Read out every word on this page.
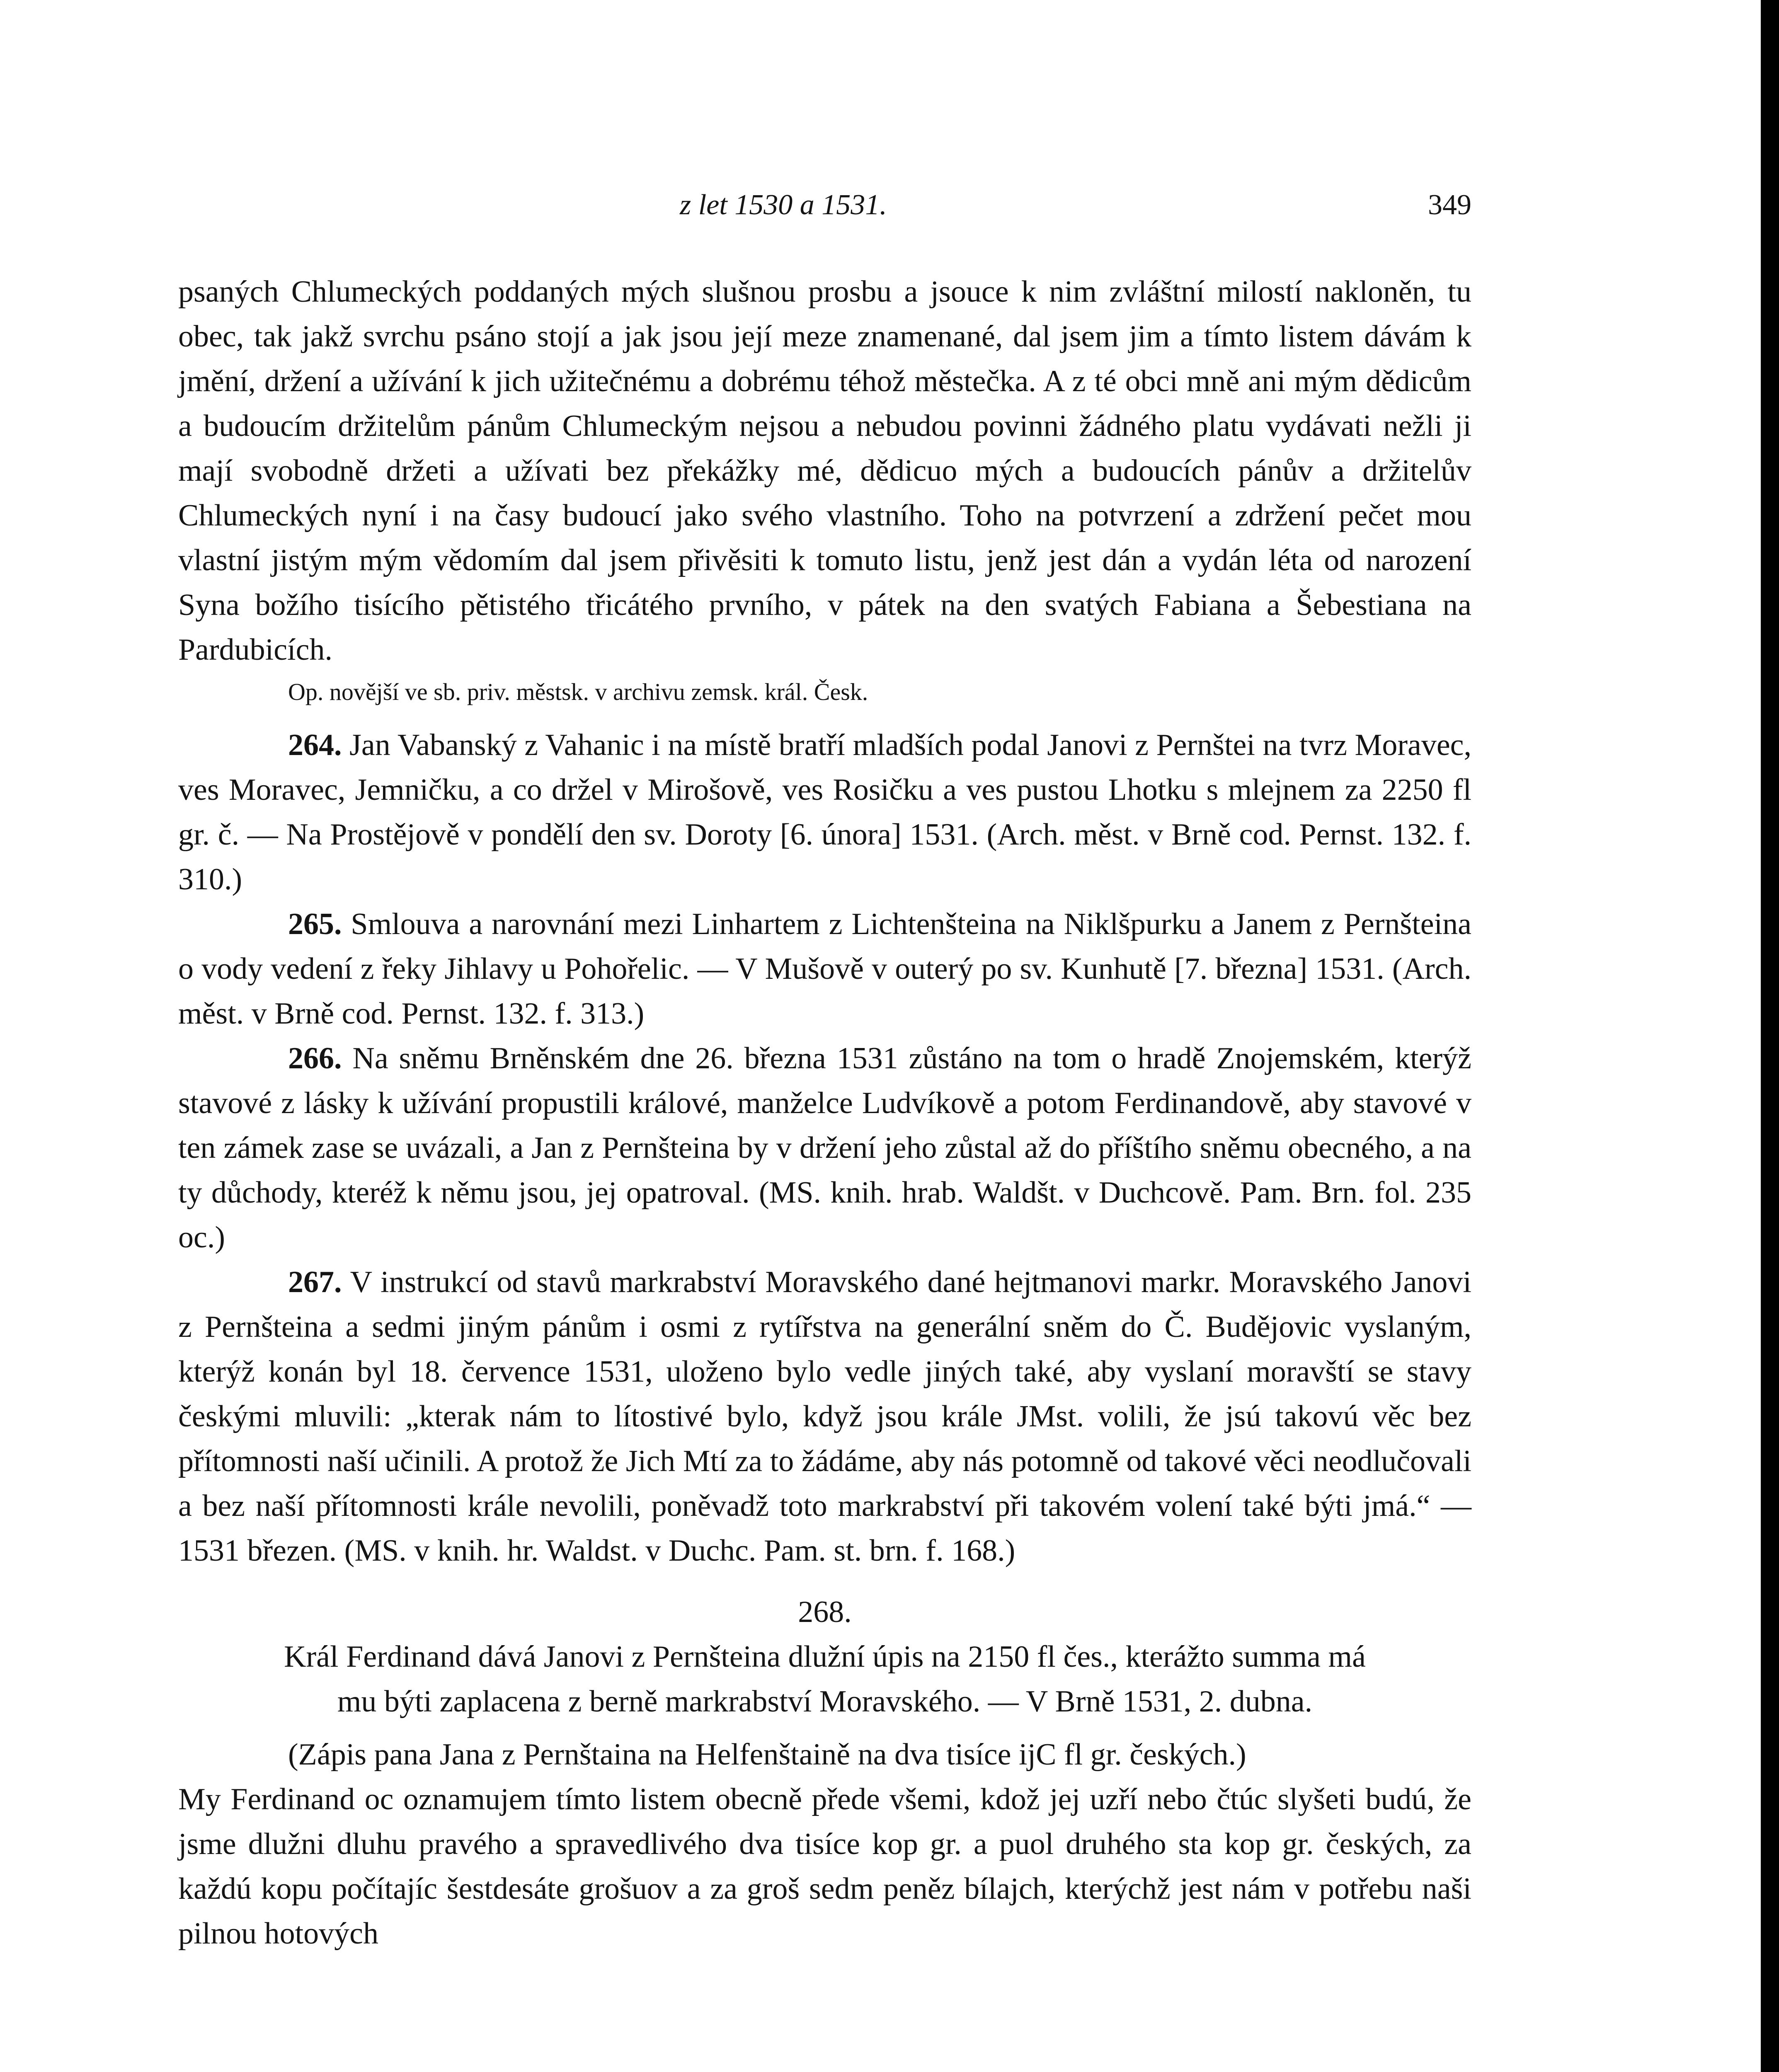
z let 1530 a 1531.	349

psaných Chlumeckých poddaných mých slušnou prosbu a jsouce k nim zvláštní milostí nakloněn, tu obec, tak jakž svrchu psáno stojí a jak jsou její meze znamenané, dal jsem jim a tímto listem dávám k jmění, držení a užívání k jich užitečnému a dobrému téhož městečka. A z té obci mně ani mým dědicům a budoucím držitelům pánům Chlumeckým nejsou a nebudou povinni žádného platu vydávati nežli ji mají svobodně držeti a užívati bez překážky mé, dědicuo mých a budoucích pánův a držitelův Chlumeckých nyní i na časy budoucí jako svého vlastního. Toho na potvrzení a zdržení pečet mou vlastní jistým mým vědomím dal jsem přivěsiti k tomuto listu, jenž jest dán a vydán léta od narození Syna božího tisícího pětistého třicátého prvního, v pátek na den svatých Fabiana a Šebestiana na Pardubicích.

Op. novější ve sb. priv. městsk. v archivu zemsk. král. Česk.

264. Jan Vabanský z Vahanic i na místě bratří mladších podal Janovi z Pernštei na tvrz Moravec, ves Moravec, Jemničku, a co držel v Mirošově, ves Rosičku a ves pustou Lhotku s mlejnem za 2250 fl gr. č. — Na Prostějově v pondělí den sv. Doroty [6. února] 1531. (Arch. měst. v Brně cod. Pernst. 132. f. 310.)

265. Smlouva a narovnání mezi Linhartem z Lichtenšteina na Niklšpurku a Janem z Pernšteina o vody vedení z řeky Jihlavy u Pohořelic. — V Mušově v outerý po sv. Kunhutě [7. března] 1531. (Arch. měst. v Brně cod. Pernst. 132. f. 313.)

266. Na sněmu Brněnském dne 26. března 1531 zůstáno na tom o hradě Znojemském, kterýž stavové z lásky k užívání propustili králové, manželce Ludvíkově a potom Ferdinandově, aby stavové v ten zámek zase se uvázali, a Jan z Pernšteina by v držení jeho zůstal až do příštího sněmu obecného, a na ty důchody, kteréž k němu jsou, jej opatroval. (MS. knih. hrab. Waldšt. v Duchcově. Pam. Brn. fol. 235 oc.)

267. V instrukcí od stavů markrabství Moravského dané hejtmanovi markr. Moravského Janovi z Pernšteina a sedmi jiným pánům i osmi z rytířstva na generální sněm do Č. Budějovic vyslaným, kterýž konán byl 18. července 1531, uloženo bylo vedle jiných také, aby vyslaní moravští se stavy českými mluvili: „kterak nám to lítostivé bylo, když jsou krále JMst. volili, že jsú takovú věc bez přítomnosti naší učinili. A protož že Jich Mtí za to žádáme, aby nás potomně od takové věci neodlučovali a bez naší přítomnosti krále nevolili, poněvadž toto markrabství při takovém volení také býti jmá.“ — 1531 březen. (MS. v knih. hr. Waldst. v Duchc. Pam. st. brn. f. 168.)

268.

Král Ferdinand dává Janovi z Pernšteina dlužní úpis na 2150 fl čes., kterážto summa má mu býti zaplacena z berně markrabství Moravského. — V Brně 1531, 2. dubna.

(Zápis pana Jana z Pernštaina na Helfenštaině na dva tisíce ijC fl gr. českých.)

My Ferdinand oc oznamujem tímto listem obecně přede všemi, kdož jej uzří nebo čtúc slyšeti budú, že jsme dlužni dluhu pravého a spravedlivého dva tisíce kop gr. a puol druhého sta kop gr. českých, za každú kopu počítajíc šestdesáte grošuov a za groš sedm peněz bílajch, kterýchž jest nám v potřebu naši pilnou hotových
